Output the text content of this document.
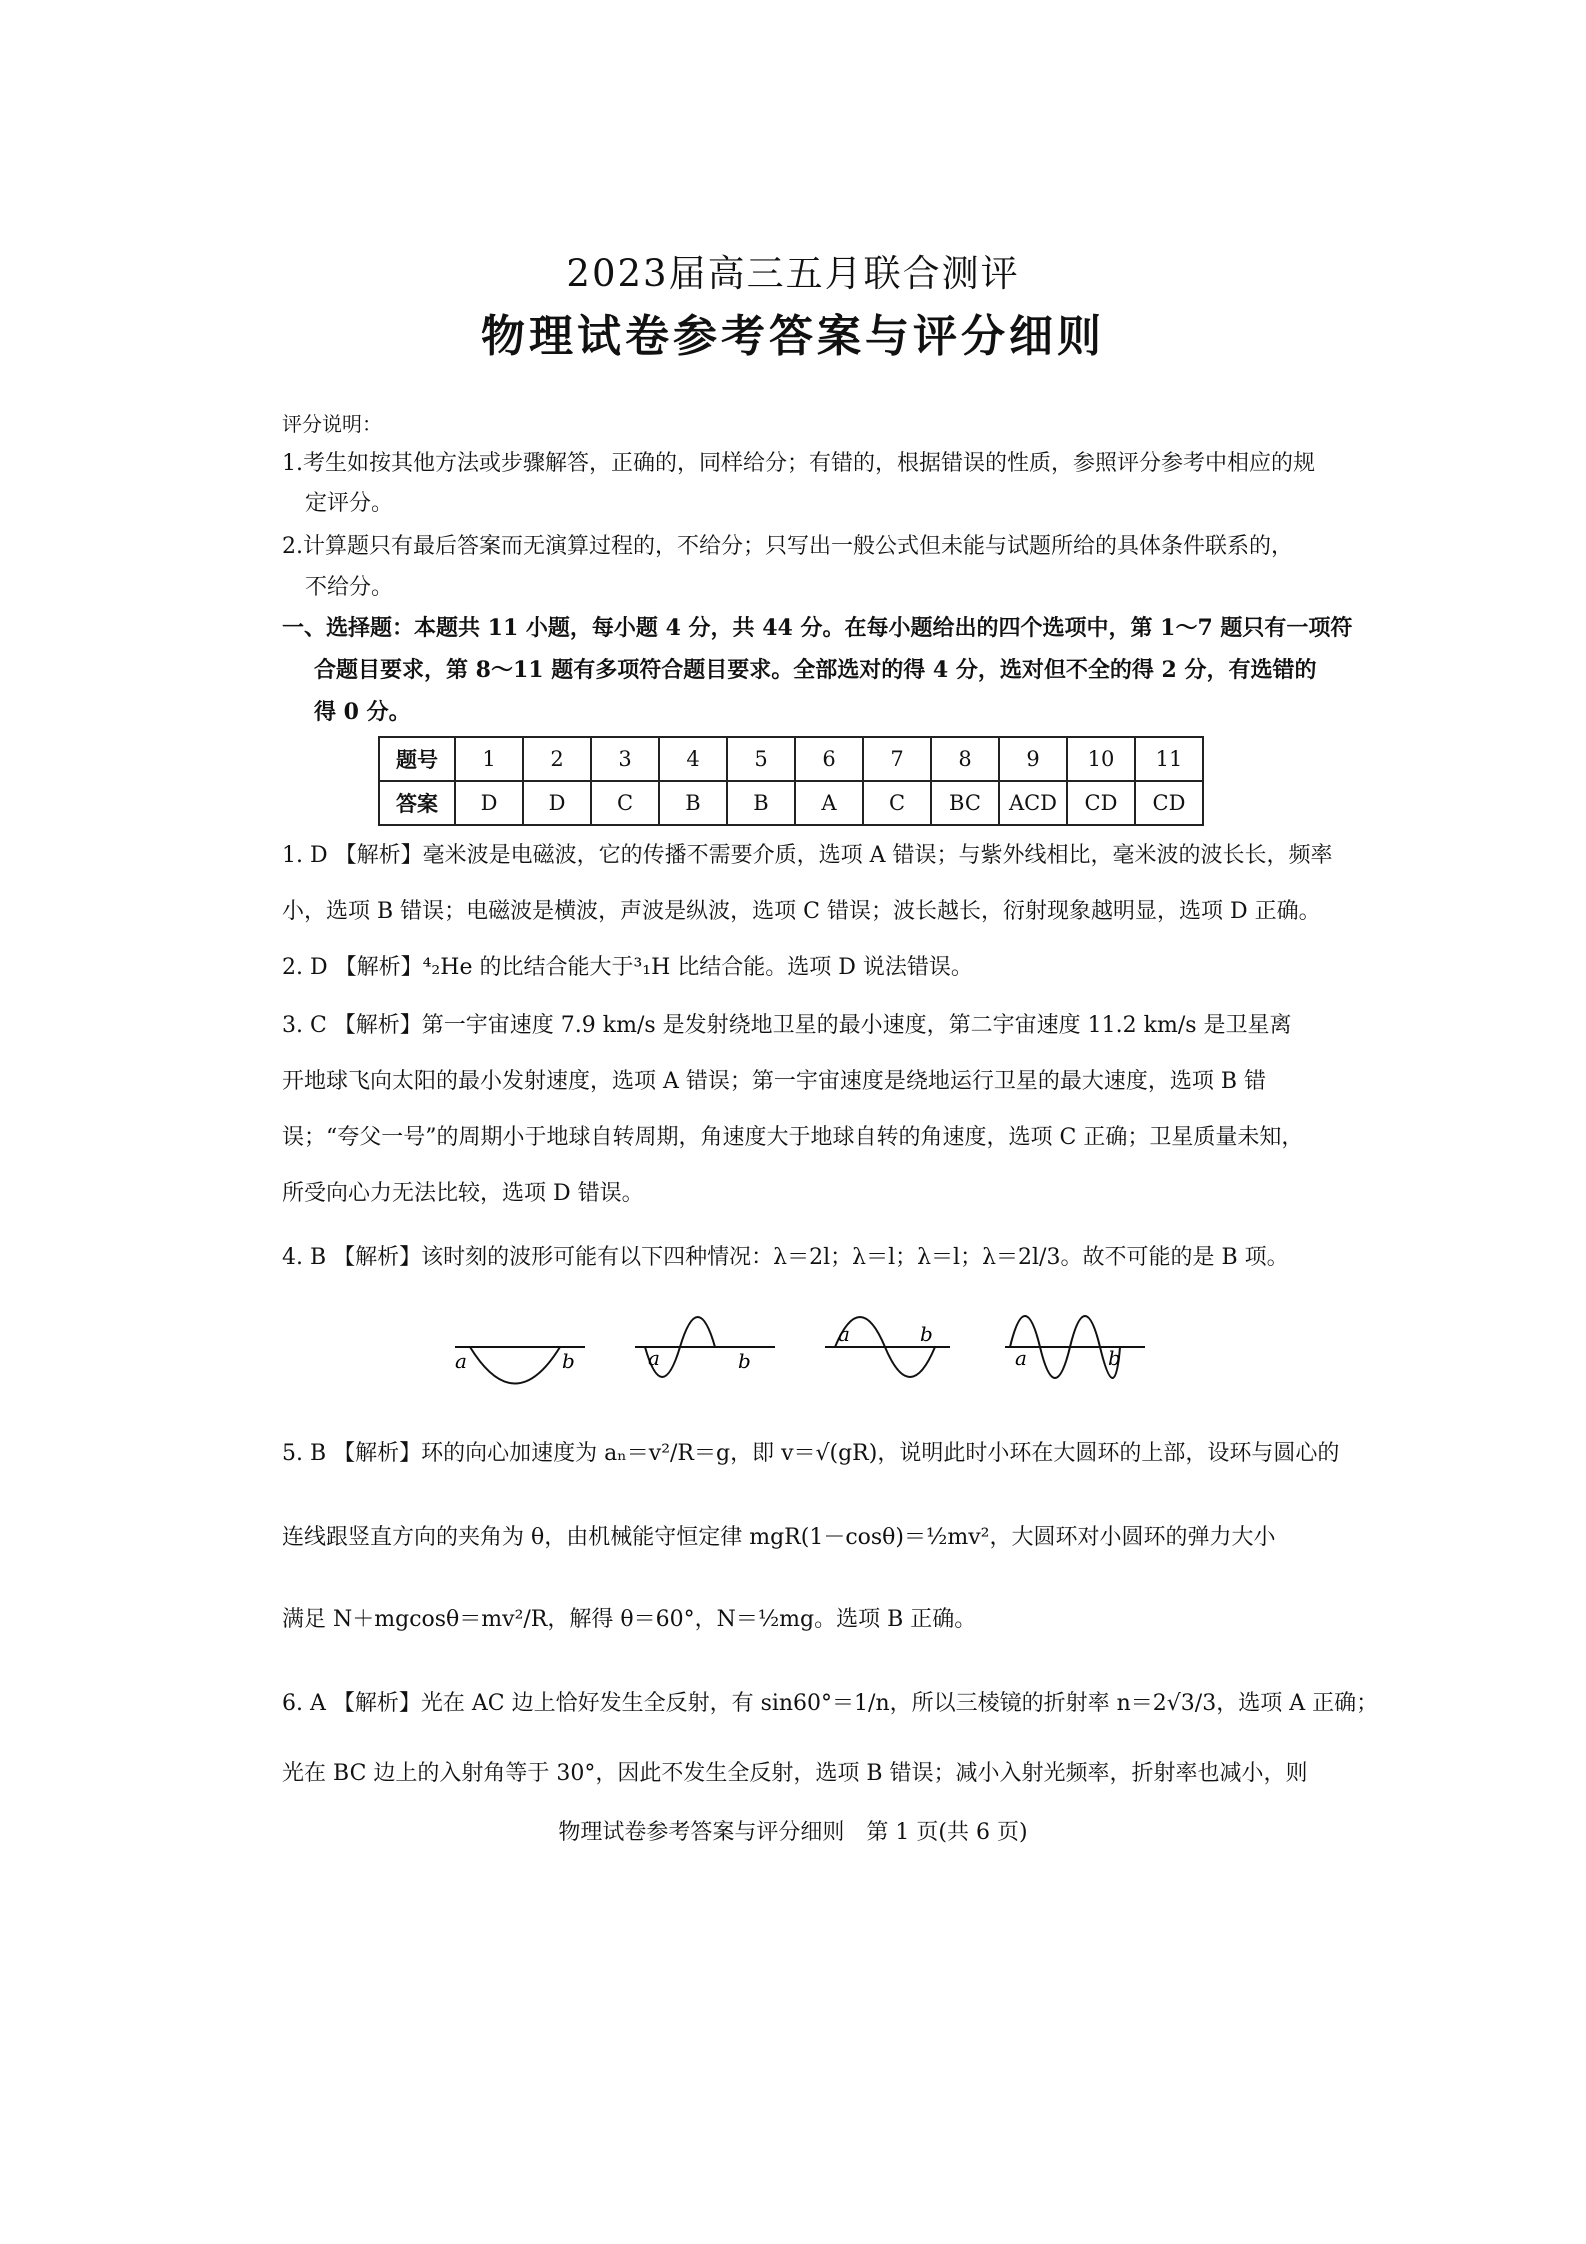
2023届高三五月联合测评
物理试卷参考答案与评分细则
评分说明：
1.考生如按其他方法或步骤解答，正确的，同样给分；有错的，根据错误的性质，参照评分参考中相应的规
定评分。
2.计算题只有最后答案而无演算过程的，不给分；只写出一般公式但未能与试题所给的具体条件联系的，
不给分。
一、选择题：本题共 11 小题，每小题 4 分，共 44 分。在每小题给出的四个选项中，第 1～7 题只有一项符
合题目要求，第 8～11 题有多项符合题目要求。全部选对的得 4 分，选对但不全的得 2 分，有选错的
得 0 分。
题号	1	2	3	4	5	6	7	8	9	10	11
答案	D	D	C	B	B	A	C	BC	ACD	CD	CD
1. D 【解析】毫米波是电磁波，它的传播不需要介质，选项 A 错误；与紫外线相比，毫米波的波长长，频率
小，选项 B 错误；电磁波是横波，声波是纵波，选项 C 错误；波长越长，衍射现象越明显，选项 D 正确。
2. D 【解析】⁴₂He 的比结合能大于³₁H 比结合能。选项 D 说法错误。
3. C 【解析】第一宇宙速度 7.9 km/s 是发射绕地卫星的最小速度，第二宇宙速度 11.2 km/s 是卫星离
开地球飞向太阳的最小发射速度，选项 A 错误；第一宇宙速度是绕地运行卫星的最大速度，选项 B 错
误；“夸父一号”的周期小于地球自转周期，角速度大于地球自转的角速度，选项 C 正确；卫星质量未知，
所受向心力无法比较，选项 D 错误。
4. B 【解析】该时刻的波形可能有以下四种情况：λ＝2l；λ＝l；λ＝l；λ＝2l/3。故不可能的是 B 项。
a	b	a	b
a	b
a	b
5. B 【解析】环的向心加速度为 aₙ＝v²/R＝g，即 v＝√(gR)，说明此时小环在大圆环的上部，设环与圆心的
连线跟竖直方向的夹角为 θ，由机械能守恒定律 mgR(1－cosθ)＝½mv²，大圆环对小圆环的弹力大小
满足 N＋mgcosθ＝mv²/R，解得 θ＝60°，N＝½mg。选项 B 正确。
6. A 【解析】光在 AC 边上恰好发生全反射，有 sin60°＝1/n，所以三棱镜的折射率 n＝2√3/3，选项 A 正确；
光在 BC 边上的入射角等于 30°，因此不发生全反射，选项 B 错误；减小入射光频率，折射率也减小，则
物理试卷参考答案与评分细则　第 1 页(共 6 页)
